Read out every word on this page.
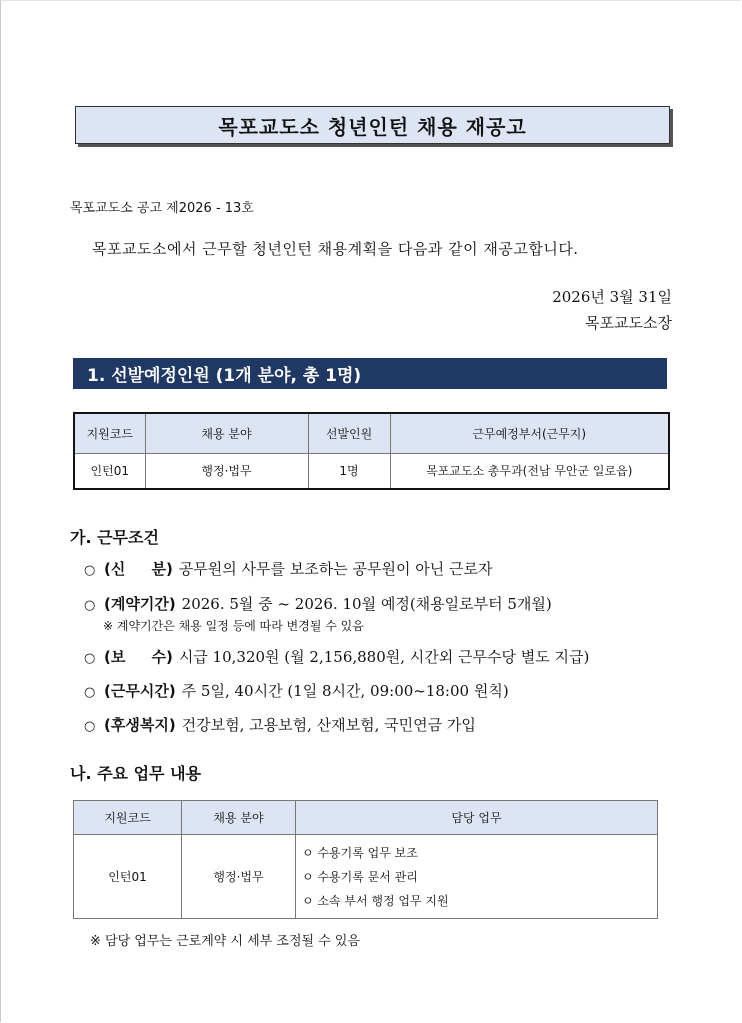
목포교도소 청년인턴 채용 재공고
목포교도소 공고 제2026 - 13호
목포교도소에서 근무할 청년인턴 채용계획을 다음과 같이 재공고합니다.
2026년 3월 31일
목포교도소장
1. 선발예정인원 (1개 분야, 총 1명)
지원코드	채용 분야	선발인원	근무예정부서(근무지)
인턴01	행정·법무	1명	목포교도소 총무과(전남 무안군 일로읍)
가. 근무조건
○ (신     분) 공무원의 사무를 보조하는 공무원이 아닌 근로자
○ (계약기간) 2026. 5월 중 ~ 2026. 10월 예정(채용일로부터 5개월)
※ 계약기간은 채용 일정 등에 따라 변경될 수 있음
○ (보     수) 시급 10,320원 (월 2,156,880원, 시간외 근무수당 별도 지급)
○ (근무시간) 주 5일, 40시간 (1일 8시간, 09:00~18:00 원칙)
○ (후생복지) 건강보험, 고용보험, 산재보험, 국민연금 가입
나. 주요 업무 내용
지원코드	채용 분야	담당 업무
인턴01	행정·법무	ㅇ 수용기록 업무 보조
ㅇ 수용기록 문서 관리
ㅇ 소속 부서 행정 업무 지원
※ 담당 업무는 근로계약 시 세부 조정될 수 있음
